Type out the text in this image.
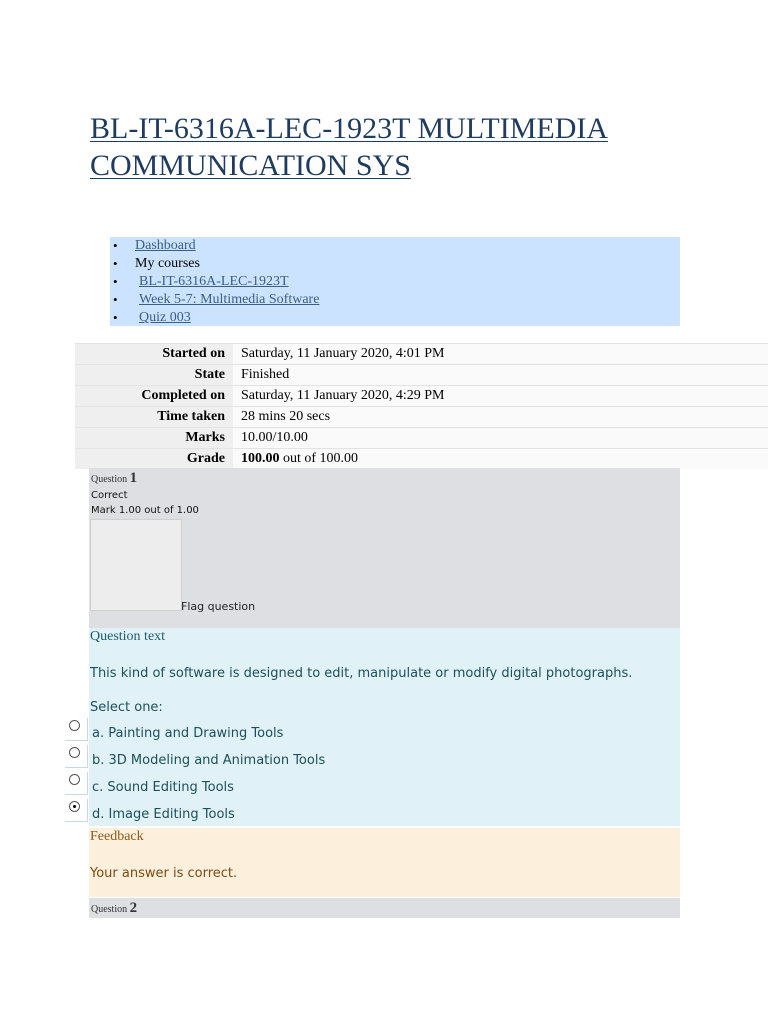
BL-IT-6316A-LEC-1923T MULTIMEDIA COMMUNICATION SYS
• Dashboard
• My courses
• BL-IT-6316A-LEC-1923T
• Week 5-7: Multimedia Software
• Quiz 003
Started on	Saturday, 11 January 2020, 4:01 PM
State	Finished
Completed on	Saturday, 11 January 2020, 4:29 PM
Time taken	28 mins 20 secs
Marks	10.00/10.00
Grade	100.00 out of 100.00
Question 1
Correct
Mark 1.00 out of 1.00
Flag question
Question text
This kind of software is designed to edit, manipulate or modify digital photographs.
Select one:
a. Painting and Drawing Tools
b. 3D Modeling and Animation Tools
c. Sound Editing Tools
d. Image Editing Tools
Feedback
Your answer is correct.
Question 2
